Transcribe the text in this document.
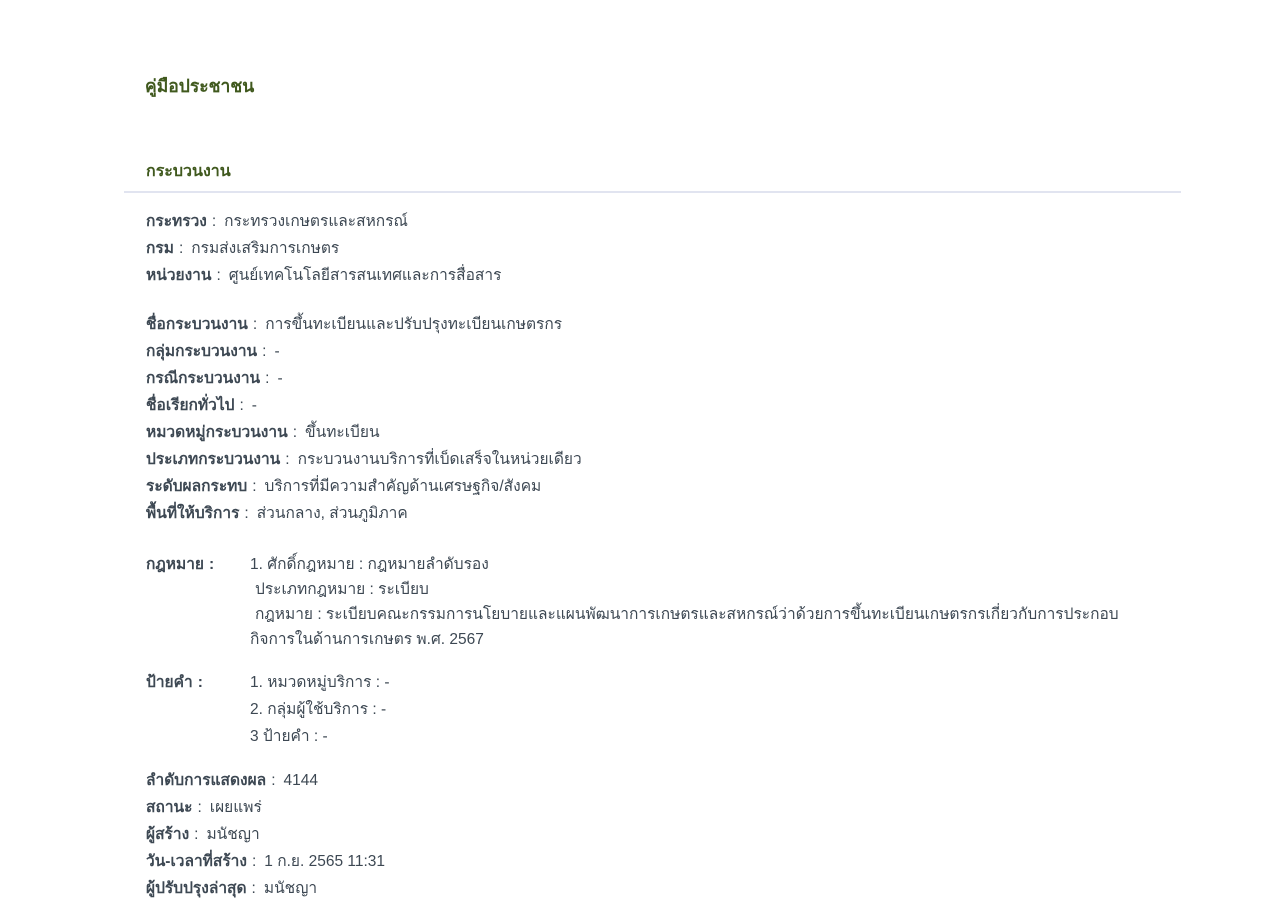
คู่มือประชาชน
กระบวนงาน
กระทรวง : กระทรวงเกษตรและสหกรณ์
กรม : กรมส่งเสริมการเกษตร
หน่วยงาน : ศูนย์เทคโนโลยีสารสนเทศและการสื่อสาร
ชื่อกระบวนงาน : การขึ้นทะเบียนและปรับปรุงทะเบียนเกษตรกร
กลุ่มกระบวนงาน : -
กรณีกระบวนงาน : -
ชื่อเรียกทั่วไป : -
หมวดหมู่กระบวนงาน : ขึ้นทะเบียน
ประเภทกระบวนงาน : กระบวนงานบริการที่เบ็ดเสร็จในหน่วยเดียว
ระดับผลกระทบ : บริการที่มีความสำคัญด้านเศรษฐกิจ/สังคม
พื้นที่ให้บริการ : ส่วนกลาง, ส่วนภูมิภาค
กฎหมาย :	1. ศักดิ์กฎหมาย : กฎหมายลำดับรอง
ประเภทกฎหมาย : ระเบียบ
กฎหมาย : ระเบียบคณะกรรมการนโยบายและแผนพัฒนาการเกษตรและสหกรณ์ว่าด้วยการขึ้นทะเบียนเกษตรกรเกี่ยวกับการประกอบกิจการในด้านการเกษตร พ.ศ. 2567
ป้ายคำ :	1. หมวดหมู่บริการ : -
2. กลุ่มผู้ใช้บริการ : -
3 ป้ายคำ : -
ลำดับการแสดงผล : 4144
สถานะ : เผยแพร่
ผู้สร้าง : มนัชญา
วัน-เวลาที่สร้าง : 1 ก.ย. 2565 11:31
ผู้ปรับปรุงล่าสุด : มนัชญา
